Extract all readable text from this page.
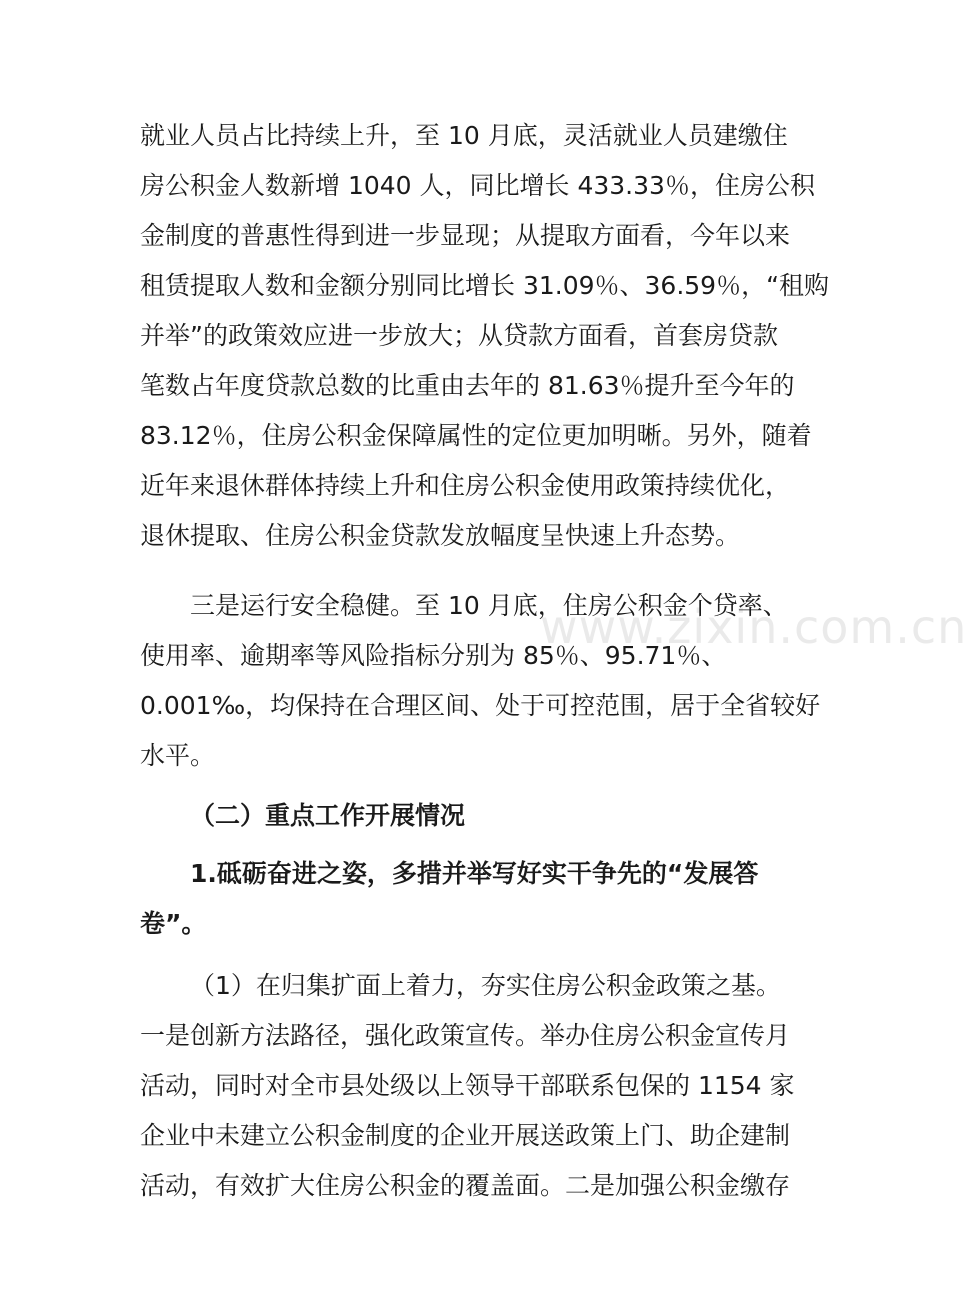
www.zixin.com.cn
就业人员占比持续上升，至 10 月底，灵活就业人员建缴住
房公积金人数新增 1040 人，同比增长 433.33％，住房公积
金制度的普惠性得到进一步显现；从提取方面看，今年以来
租赁提取人数和金额分别同比增长 31.09％、36.59％，“租购
并举”的政策效应进一步放大；从贷款方面看，首套房贷款
笔数占年度贷款总数的比重由去年的 81.63％提升至今年的
83.12％，住房公积金保障属性的定位更加明晰。另外，随着
近年来退休群体持续上升和住房公积金使用政策持续优化，
退休提取、住房公积金贷款发放幅度呈快速上升态势。
三是运行安全稳健。至 10 月底，住房公积金个贷率、
使用率、逾期率等风险指标分别为 85％、95.71％、
0.001‰，均保持在合理区间、处于可控范围，居于全省较好
水平。
（二）重点工作开展情况
1.砥砺奋进之姿，多措并举写好实干争先的“发展答
卷”。
（1）在归集扩面上着力，夯实住房公积金政策之基。
一是创新方法路径，强化政策宣传。举办住房公积金宣传月
活动，同时对全市县处级以上领导干部联系包保的 1154 家
企业中未建立公积金制度的企业开展送政策上门、助企建制
活动，有效扩大住房公积金的覆盖面。二是加强公积金缴存
